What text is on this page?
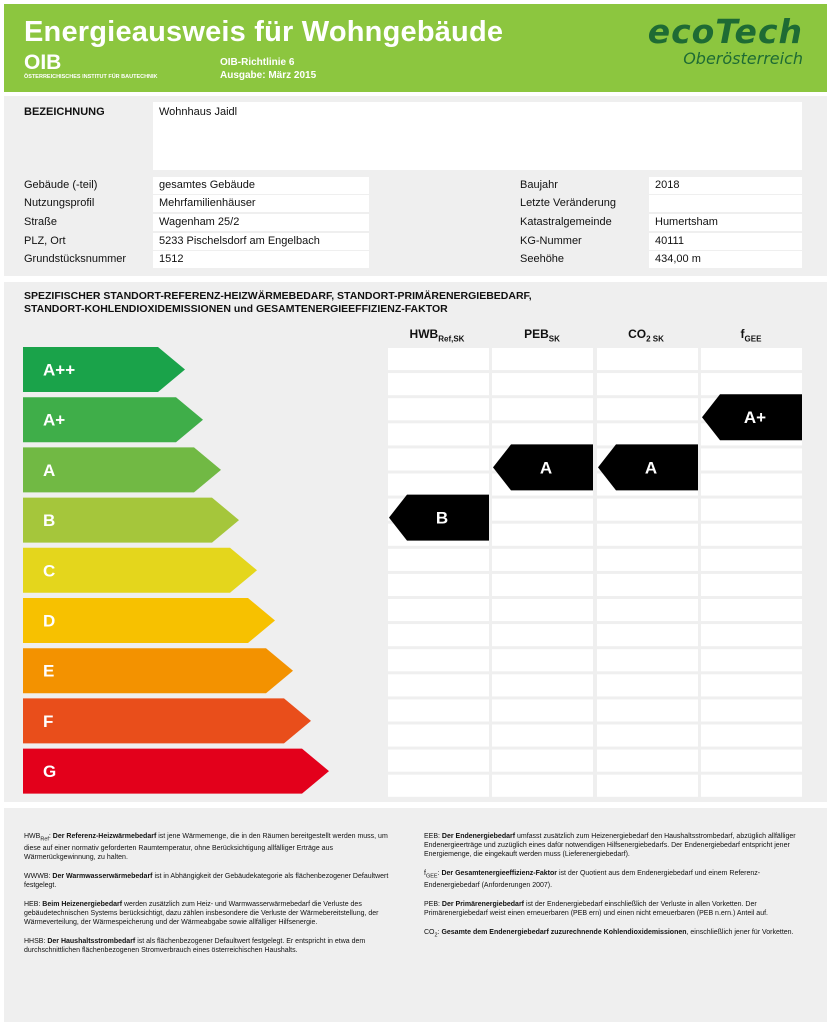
Energieausweis für Wohngebäude
OIB
ÖSTERREICHISCHES INSTITUT FÜR BAUTECHNIK
OIB-Richtlinie 6
Ausgabe: März 2015
ecoTech
Oberösterreich
BEZEICHNUNG	Wohnhaus Jaidl
Gebäude (-teil)	gesamtes Gebäude	Baujahr	2018
Nutzungsprofil	Mehrfamilienhäuser	Letzte Veränderung
Straße	Wagenham 25/2	Katastralgemeinde	Humertsham
PLZ, Ort	5233 Pischelsdorf am Engelbach	KG-Nummer	40111
Grundstücksnummer	1512	Seehöhe	434,00 m
SPEZIFISCHER STANDORT-REFERENZ-HEIZWÄRMEBEDARF, STANDORT-PRIMÄRENERGIEBEDARF,
STANDORT-KOHLENDIOXIDEMISSIONEN und GESAMTENERGIEEFFIZIENZ-FAKTOR
$HWB_{Ref,SK}$	$PEB_{SK}$	$CO_{2 SK}$	$f_{GEE}$
A++
A+
A
B
C
D
E
F
G
B
A	A
A+
$HWB_{Ref}$: Der Referenz-Heizwärmebedarf ist jene Wärmemenge, die in den Räumen bereitgestellt werden muss, um diese auf einer normativ geforderten Raumtemperatur, ohne Berücksichtigung allfälliger Erträge aus Wärmerückgewinnung, zu halten.
WWWB: Der Warmwasserwärmebedarf ist in Abhängigkeit der Gebäudekategorie als flächenbezogener Defaultwert festgelegt.
HEB: Beim Heizenergiebedarf werden zusätzlich zum Heiz- und Warmwasserwärmebedarf die Verluste des gebäudetechnischen Systems berücksichtigt, dazu zählen insbesondere die Verluste der Wärmebereitstellung, der Wärmeverteilung, der Wärmespeicherung und der Wärmeabgabe sowie allfälliger Hilfsenergie.
HHSB: Der Haushaltsstrombedarf ist als flächenbezogener Defaultwert festgelegt. Er entspricht in etwa dem durchschnittlichen flächenbezogenen Stromverbrauch eines österreichischen Haushalts.
EEB: Der Endenergiebedarf umfasst zusätzlich zum Heizenergiebedarf den Haushaltsstrombedarf, abzüglich allfälliger Endenergieerträge und zuzüglich eines dafür notwendigen Hilfsenergiebedarfs. Der Endenergiebedarf entspricht jener Energiemenge, die eingekauft werden muss (Lieferenergiebedarf).
$f_{GEE}$: Der Gesamtenergieeffizienz-Faktor ist der Quotient aus dem Endenergiebedarf und einem Referenz-Endenergiebedarf (Anforderungen 2007).
PEB: Der Primärenergiebedarf ist der Endenergiebedarf einschließlich der Verluste in allen Vorketten. Der Primärenergiebedarf weist einen erneuerbaren (PEB ern) und einen nicht erneuerbaren (PEB n.ern.) Anteil auf.
$CO_2$: Gesamte dem Endenergiebedarf zuzurechnende Kohlendioxidemissionen, einschließlich jener für Vorketten.
